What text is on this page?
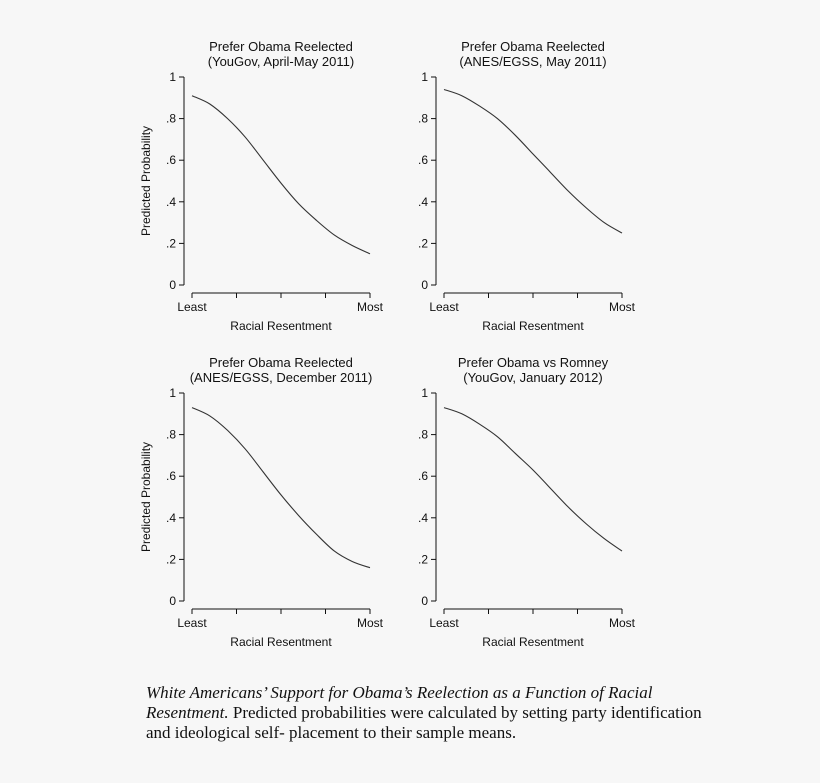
Prefer Obama Reelected
(YouGov, April-May 2011)
0
.2
.4
.6
.8
1
Least	Most
Racial Resentment
Predicted Probability
Prefer Obama Reelected
(ANES/EGSS, May 2011)
0
.2
.4
.6
.8
1
Least	Most
Racial Resentment
Prefer Obama Reelected
(ANES/EGSS, December 2011)
0
.2
.4
.6
.8
1
Least	Most
Racial Resentment
Predicted Probability
Prefer Obama vs Romney
(YouGov, January 2012)
0
.2
.4
.6
.8
1
Least	Most
Racial Resentment
White Americans’ Support for Obama’s Reelection as a Function of Racial Resentment. Predicted probabilities were calculated by setting party identification and ideological self- placement to their sample means.
